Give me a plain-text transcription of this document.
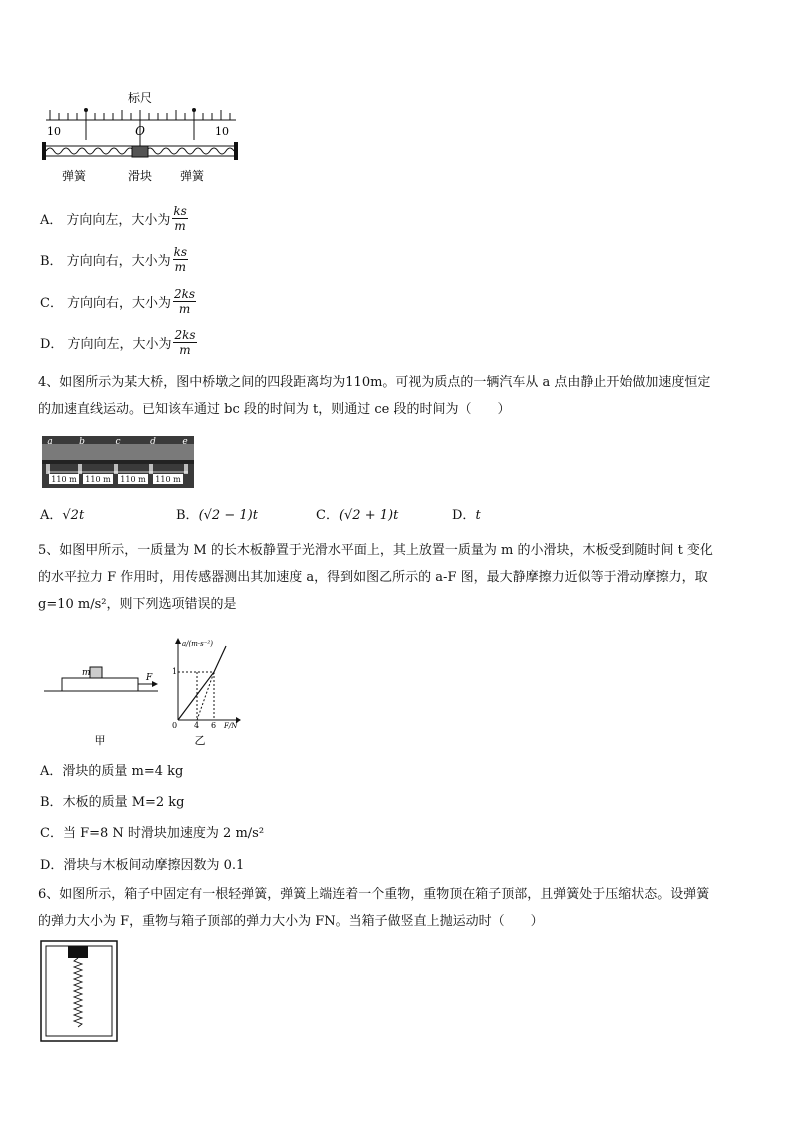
标尺
10	O	10
弹簧	滑块 弹簧
A． 方向向左，大小为 $\frac{ks}{m}$
B． 方向向右，大小为 $\frac{ks}{m}$
C． 方向向右，大小为 $\frac{2ks}{m}$
D． 方向向左，大小为 $\frac{2ks}{m}$
4、如图所示为某大桥，图中桥墩之间的四段距离均为110m。可视为质点的一辆汽车从 a 点由静止开始做加速度恒定
的加速直线运动。已知该车通过 bc 段的时间为 t，则通过 ce 段的时间为（　　）
a	b	c	d	e
110 m 110 m 110 m 110 m
A．√2t	B．(√2 − 1)t	C．(√2 + 1)t	D．t
5、如图甲所示，一质量为 M 的长木板静置于光滑水平面上，其上放置一质量为 m 的小滑块，木板受到随时间 t 变化
的水平拉力 F 作用时，用传感器测出其加速度 a，得到如图乙所示的 a-F 图，最大静摩擦力近似等于滑动摩擦力，取
g=10 m/s²，则下列选项错误的是
m	F
甲
a/(m·s⁻²)
F/N
0
1
4 6
乙
A．滑块的质量 m=4 kg
B．木板的质量 M=2 kg
C．当 F=8 N 时滑块加速度为 2 m/s²
D．滑块与木板间动摩擦因数为 0.1
6、如图所示，箱子中固定有一根轻弹簧，弹簧上端连着一个重物，重物顶在箱子顶部，且弹簧处于压缩状态。设弹簧
的弹力大小为 F，重物与箱子顶部的弹力大小为 FN。当箱子做竖直上抛运动时（　　）
